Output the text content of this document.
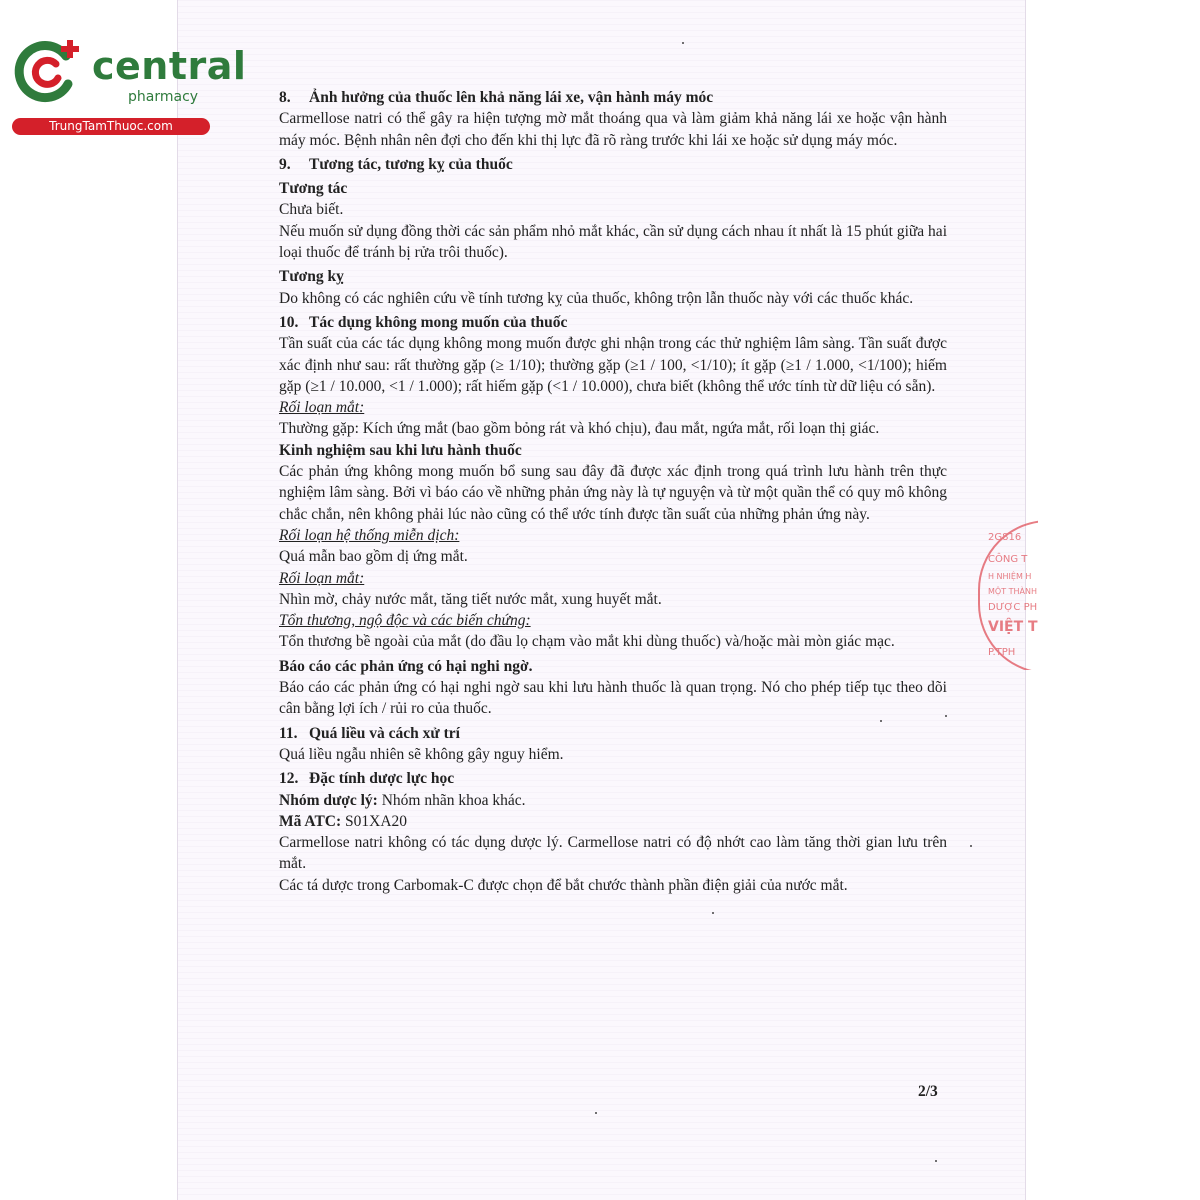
central
pharmacy
TrungTamThuoc.com

8. Ảnh hưởng của thuốc lên khả năng lái xe, vận hành máy móc

Carmellose natri có thể gây ra hiện tượng mờ mắt thoáng qua và làm giảm khả năng lái xe hoặc vận hành máy móc. Bệnh nhân nên đợi cho đến khi thị lực đã rõ ràng trước khi lái xe hoặc sử dụng máy móc.

9. Tương tác, tương kỵ của thuốc

Tương tác

Chưa biết.

Nếu muốn sử dụng đồng thời các sản phẩm nhỏ mắt khác, cần sử dụng cách nhau ít nhất là 15 phút giữa hai loại thuốc để tránh bị rửa trôi thuốc).

Tương kỵ

Do không có các nghiên cứu về tính tương kỵ của thuốc, không trộn lẫn thuốc này với các thuốc khác.

10. Tác dụng không mong muốn của thuốc

Tần suất của các tác dụng không mong muốn được ghi nhận trong các thử nghiệm lâm sàng. Tần suất được xác định như sau: rất thường gặp (≥ 1/10); thường gặp (≥1 / 100, <1/10); ít gặp (≥1 / 1.000, <1/100); hiếm gặp (≥1 / 10.000, <1 / 1.000); rất hiếm gặp (<1 / 10.000), chưa biết (không thể ước tính từ dữ liệu có sẵn).

Rối loạn mắt:

Thường gặp: Kích ứng mắt (bao gồm bỏng rát và khó chịu), đau mắt, ngứa mắt, rối loạn thị giác.

Kinh nghiệm sau khi lưu hành thuốc

Các phản ứng không mong muốn bổ sung sau đây đã được xác định trong quá trình lưu hành trên thực nghiệm lâm sàng. Bởi vì báo cáo về những phản ứng này là tự nguyện và từ một quần thể có quy mô không chắc chắn, nên không phải lúc nào cũng có thể ước tính được tần suất của những phản ứng này.

Rối loạn hệ thống miễn dịch:

Quá mẫn bao gồm dị ứng mắt.

Rối loạn mắt:

Nhìn mờ, chảy nước mắt, tăng tiết nước mắt, xung huyết mắt.

Tổn thương, ngộ độc và các biến chứng:

Tổn thương bề ngoài của mắt (do đầu lọ chạm vào mắt khi dùng thuốc) và/hoặc mài mòn giác mạc.

Báo cáo các phản ứng có hại nghi ngờ.

Báo cáo các phản ứng có hại nghi ngờ sau khi lưu hành thuốc là quan trọng. Nó cho phép tiếp tục theo dõi cân bằng lợi ích / rủi ro của thuốc.

11. Quá liều và cách xử trí

Quá liều ngẫu nhiên sẽ không gây nguy hiểm.

12. Đặc tính dược lực học

Nhóm dược lý: Nhóm nhãn khoa khác.

Mã ATC: S01XA20

Carmellose natri không có tác dụng dược lý. Carmellose natri có độ nhớt cao làm tăng thời gian lưu trên mắt.

Các tá dược trong Carbomak-C được chọn để bắt chước thành phần điện giải của nước mắt.

2/3
2G816
CÔNG T
H NHIỆM H
MỘT THÀNH
DƯỢC PH
VIỆT T
P.TPH
